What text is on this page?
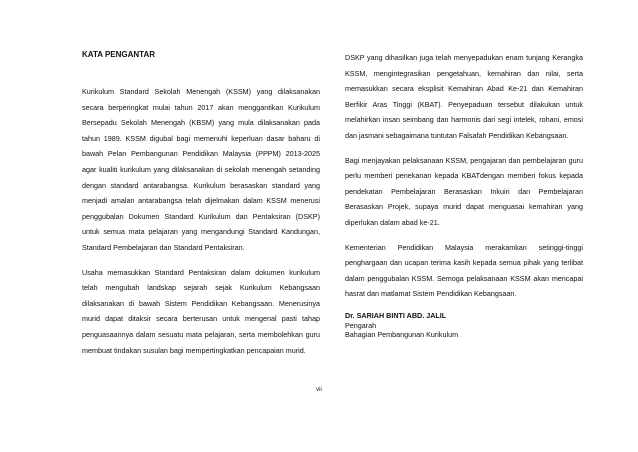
KATA PENGANTAR

Kurikulum Standard Sekolah Menengah (KSSM) yang dilaksanakan secara berperingkat mulai tahun 2017 akan menggantikan Kurikulum Bersepadu Sekolah Menengah (KBSM) yang mula dilaksanakan pada tahun 1989. KSSM digubal bagi memenuhi keperluan dasar baharu di bawah Pelan Pembangunan Pendidikan Malaysia (PPPM) 2013-2025 agar kualiti kurikulum yang dilaksanakan di sekolah menengah setanding dengan standard antarabangsa. Kurikulum berasaskan standard yang menjadi amalan antarabangsa telah dijelmakan dalam KSSM menerusi penggubalan Dokumen Standard Kurikulum dan Pentaksiran (DSKP) untuk semua mata pelajaran yang mengandungi Standard Kandungan, Standard Pembelajaran dan Standard Pentaksiran.

Usaha memasukkan Standard Pentaksiran dalam dokumen kurikulum telah mengubah landskap sejarah sejak Kurikulum Kebangsaan dilaksanakan di bawah Sistem Pendidikan Kebangsaan. Menerusinya murid dapat ditaksir secara berterusan untuk mengenal pasti tahap penguasaannya dalam sesuatu mata pelajaran, serta membolehkan guru membuat tindakan susulan bagi mempertingkatkan pencapaian murid.

DSKP yang dihasilkan juga telah menyepadukan enam tunjang Kerangka KSSM, mengintegrasikan pengetahuan, kemahiran dan nilai, serta memasukkan secara eksplisit Kemahiran Abad Ke-21 dan Kemahiran Berfikir Aras Tinggi (KBAT). Penyepaduan tersebut dilakukan untuk melahirkan insan seimbang dan harmonis dari segi intelek, rohani, emosi dan jasmani sebagaimana tuntutan Falsafah Pendidikan Kebangsaan.

Bagi menjayakan pelaksanaan KSSM, pengajaran dan pembelajaran guru perlu memberi penekanan kepada KBATdengan memberi fokus kepada pendekatan Pembelajaran Berasaskan Inkuiri dan Pembelajaran Berasaskan Projek, supaya murid dapat menguasai kemahiran yang diperlukan dalam abad ke-21.

Kementerian Pendidikan Malaysia merakamkan setinggi-tinggi penghargaan dan ucapan terima kasih kepada semua pihak yang terlibat dalam penggubalan KSSM. Semoga pelaksanaan KSSM akan mencapai hasrat dan matlamat Sistem Pendidikan Kebangsaan.

Dr. SARIAH BINTI ABD. JALIL
Pengarah
Bahagian Pembangunan Kurikulum
vii
